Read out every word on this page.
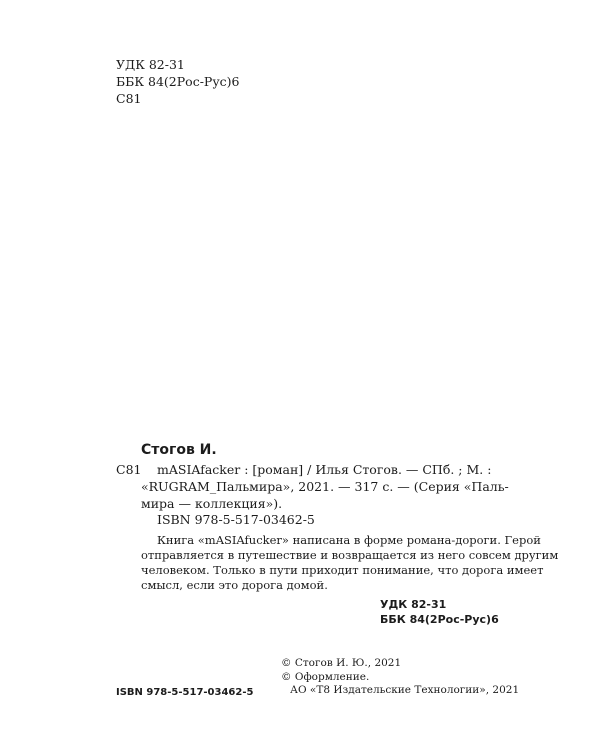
УДК 82-31
ББК 84(2Рос-Рус)6
С81
Стогов И.
С81	mASIAfacker : [роман] / Илья Стогов. — СПб. ; М. :
«RUGRAM_Пальмира», 2021. — 317 с. — (Серия «Паль-
мира — коллекция»).
ISBN 978-5-517-03462-5
Книга «mASIAfucker» написана в форме романа-дороги. Герой
отправляется в путешествие и возвращается из него совсем другим
человеком. Только в пути приходит понимание, что дорога имеет
смысл, если это дорога домой.
УДК 82-31
ББК 84(2Рос-Рус)6
© Стогов И. Ю., 2021
© Оформление.
АО «Т8 Издательские Технологии», 2021
ISBN 978-5-517-03462-5
